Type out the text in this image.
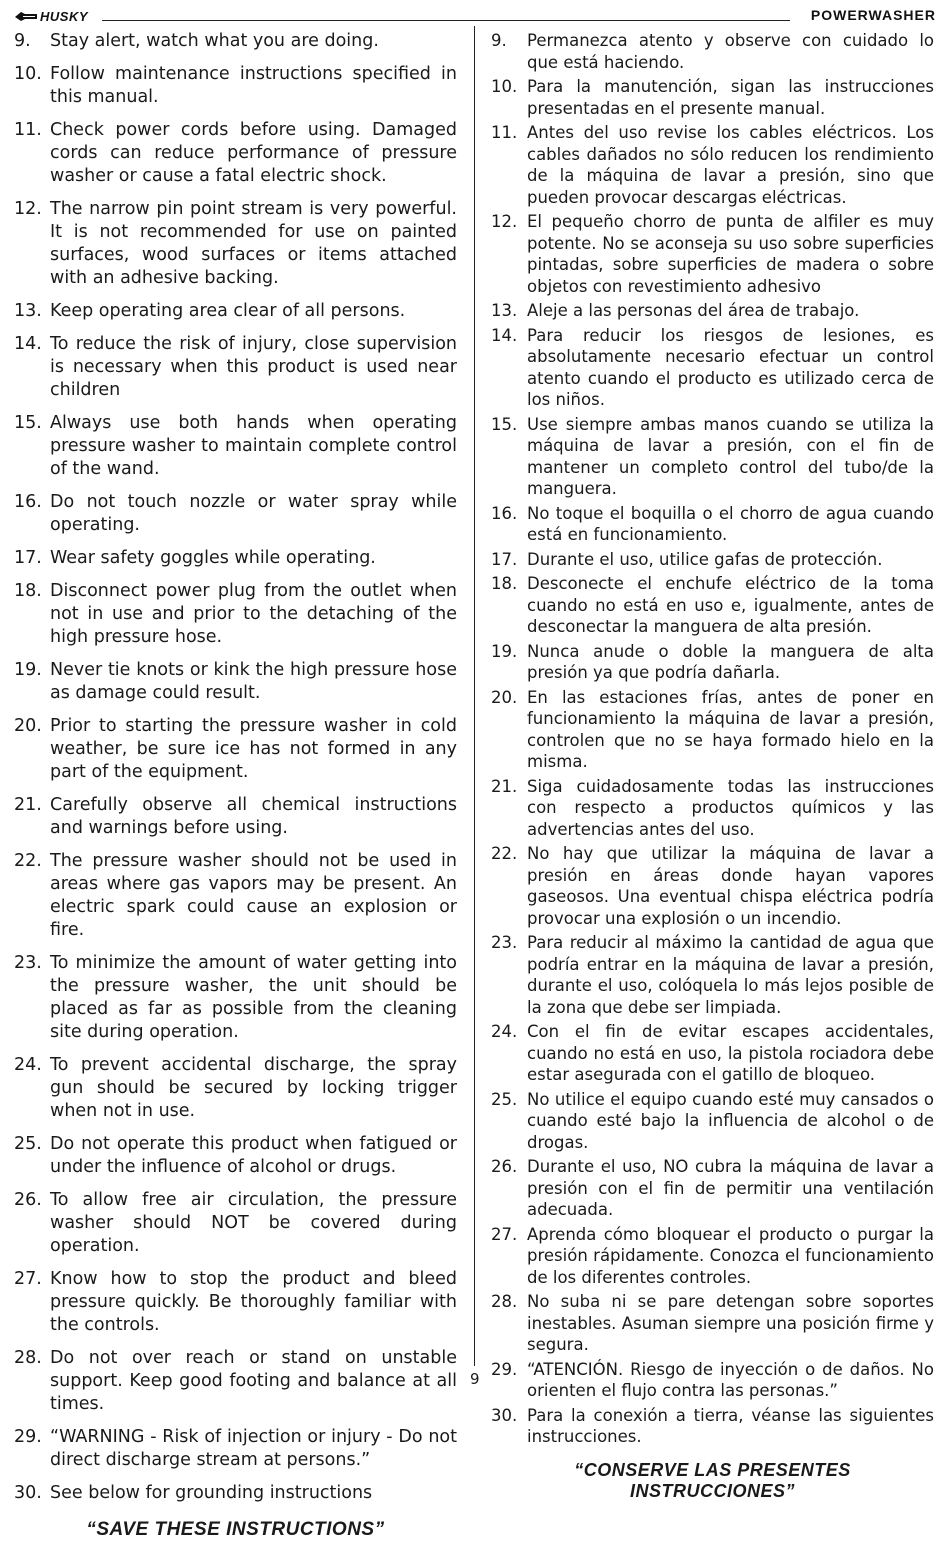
HUSKY	POWERWASHER
9.	Stay alert, watch what you are doing.
10. Follow maintenance instructions specified in this manual.
11. Check power cords before using. Damaged cords can reduce performance of pressure washer or cause a fatal electric shock.
12. The narrow pin point stream is very powerful. It is not recommended for use on painted surfaces, wood surfaces or items attached with an adhesive backing.
13. Keep operating area clear of all persons.
14. To reduce the risk of injury, close supervision is necessary when this product is used near children
15. Always use both hands when operating pressure washer to maintain complete control of the wand.
16. Do not touch nozzle or water spray while operating.
17. Wear safety goggles while operating.
18. Disconnect power plug from the outlet when not in use and prior to the detaching of the high pressure hose.
19. Never tie knots or kink the high pressure hose as damage could result.
20. Prior to starting the pressure washer in cold weather, be sure ice has not formed in any part of the equipment.
21. Carefully observe all chemical instructions and warnings before using.
22. The pressure washer should not be used in areas where gas vapors may be present. An electric spark could cause an explosion or fire.
23. To minimize the amount of water getting into the pressure washer, the unit should be placed as far as possible from the cleaning site during operation.
24. To prevent accidental discharge, the spray gun should be secured by locking trigger when not in use.
25. Do not operate this product when fatigued or under the influence of alcohol or drugs.
26. To allow free air circulation, the pressure washer should NOT be covered during operation.
27. Know how to stop the product and bleed pressure quickly. Be thoroughly familiar with the controls.
28. Do not over reach or stand on unstable support. Keep good footing and balance at all times.
29. “WARNING - Risk of injection or injury - Do not direct discharge stream at persons.”
30. See below for grounding instructions
“SAVE THESE INSTRUCTIONS”
9.	Permanezca atento y observe con cuidado lo que está haciendo.
10. Para la manutención, sigan las instrucciones presentadas en el presente manual.
11. Antes del uso revise los cables eléctricos. Los cables dañados no sólo reducen los rendimiento de la máquina de lavar a presión, sino que pueden provocar descargas eléctricas.
12. El pequeño chorro de punta de alfiler es muy potente. No se aconseja su uso sobre superficies pintadas, sobre superficies de madera o sobre objetos con revestimiento adhesivo
13. Aleje a las personas del área de trabajo.
14. Para reducir los riesgos de lesiones, es absolutamente necesario efectuar un control atento cuando el producto es utilizado cerca de los niños.
15. Use siempre ambas manos cuando se utiliza la máquina de lavar a presión, con el fin de mantener un completo control del tubo/de la manguera.
16. No toque el boquilla o el chorro de agua cuando está en funcionamiento.
17. Durante el uso, utilice gafas de protección.
18. Desconecte el enchufe eléctrico de la toma cuando no está en uso e, igualmente, antes de desconectar la manguera de alta presión.
19. Nunca anude o doble la manguera de alta presión ya que podría dañarla.
20. En las estaciones frías, antes de poner en funcionamiento la máquina de lavar a presión, controlen que no se haya formado hielo en la misma.
21. Siga cuidadosamente todas las instrucciones con respecto a productos químicos y las advertencias antes del uso.
22. No hay que utilizar la máquina de lavar a presión en áreas donde hayan vapores gaseosos. Una eventual chispa eléctrica podría provocar una explosión o un incendio.
23. Para reducir al máximo la cantidad de agua que podría entrar en la máquina de lavar a presión, durante el uso, colóquela lo más lejos posible de la zona que debe ser limpiada.
24. Con el fin de evitar escapes accidentales, cuando no está en uso, la pistola rociadora debe estar asegurada con el gatillo de bloqueo.
25. No utilice el equipo cuando esté muy cansados o cuando esté bajo la influencia de alcohol o de drogas.
26. Durante el uso, NO cubra la máquina de lavar a presión con el fin de permitir una ventilación adecuada.
27. Aprenda cómo bloquear el producto o purgar la presión rápidamente. Conozca el funcionamiento de los diferentes controles.
28. No suba ni se pare detengan sobre soportes inestables. Asuman siempre una posición firme y segura.
29. “ATENCIÓN. Riesgo de inyección o de daños. No orienten el flujo contra las personas.”
30. Para la conexión a tierra, véanse las siguientes instrucciones.
“CONSERVE LAS PRESENTES INSTRUCCIONES”
9
